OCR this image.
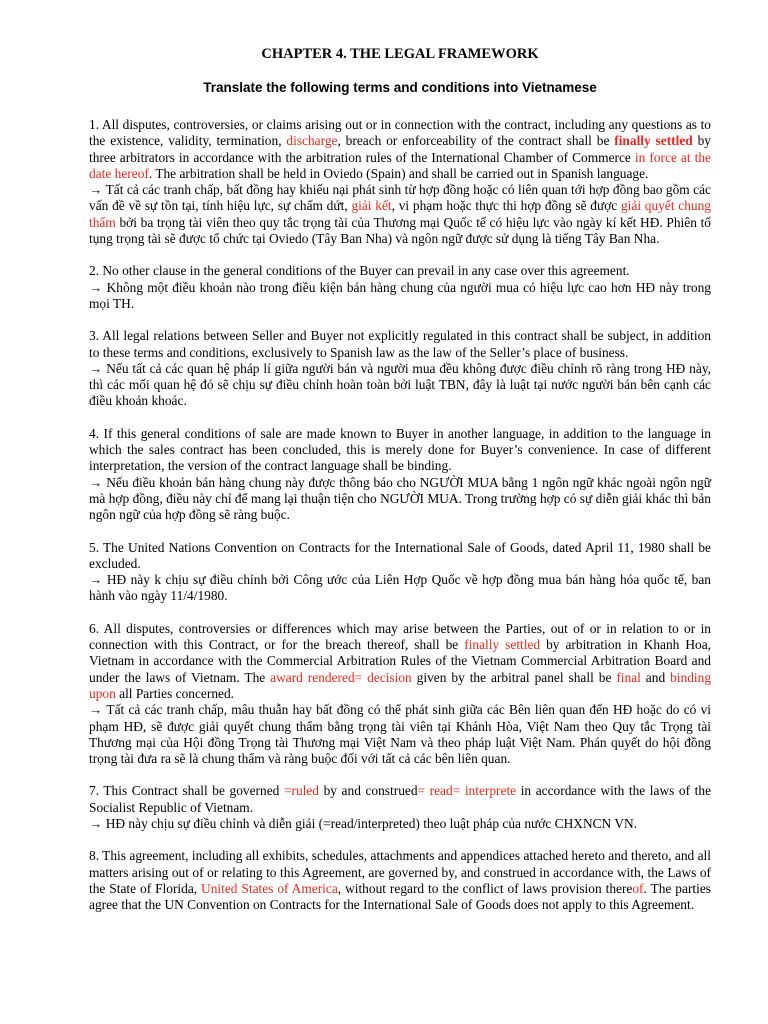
CHAPTER 4. THE LEGAL FRAMEWORK
Translate the following terms and conditions into Vietnamese

1. All disputes, controversies, or claims arising out or in connection with the contract, including any questions as to the existence, validity, termination, discharge, breach or enforceability of the contract shall be finally settled by three arbitrators in accordance with the arbitration rules of the International Chamber of Commerce in force at the date hereof. The arbitration shall be held in Oviedo (Spain) and shall be carried out in Spanish language.

→ Tất cả các tranh chấp, bất đồng hay khiếu nại phát sinh từ hợp đồng hoặc có liên quan tới hợp đồng bao gồm các vấn đề về sự tồn tại, tính hiệu lực, sự chấm dứt, giải kết, vi phạm hoặc thực thi hợp đồng sẽ được giải quyết chung thẩm bởi ba trọng tài viên theo quy tắc trọng tài của Thương mại Quốc tế có hiệu lực vào ngày kí kết HĐ. Phiên tố tụng trọng tài sẽ được tổ chức tại Oviedo (Tây Ban Nha) và ngôn ngữ được sử dụng là tiếng Tây Ban Nha.

2. No other clause in the general conditions of the Buyer can prevail in any case over this agreement.

→ Không một điều khoản nào trong điều kiện bán hàng chung của người mua có hiệu lực cao hơn HĐ này trong mọi TH.

3. All legal relations between Seller and Buyer not explicitly regulated in this contract shall be subject, in addition to these terms and conditions, exclusively to Spanish law as the law of the Seller’s place of business.

→ Nếu tất cả các quan hệ pháp lí giữa người bán và người mua đều không được điều chỉnh rõ ràng trong HĐ này, thì các mối quan hệ đó sẽ chịu sự điều chỉnh hoàn toàn bởi luật TBN, đây là luật tại nước người bán bên cạnh các điều khoản khoác.

4. If this general conditions of sale are made known to Buyer in another language, in addition to the language in which the sales contract has been concluded, this is merely done for Buyer’s convenience. In case of different interpretation, the version of the contract language shall be binding.

→ Nếu điều khoản bán hàng chung này được thông báo cho NGƯỜI MUA bằng 1 ngôn ngữ khác ngoài ngôn ngữ mà hợp đồng, điều này chỉ để mang lại thuận tiện cho NGƯỜI MUA. Trong trường hợp có sự diễn giải khác thì bản ngôn ngữ của hợp đồng sẽ ràng buộc.

5. The United Nations Convention on Contracts for the International Sale of Goods, dated April 11, 1980 shall be excluded.

→ HĐ này k chịu sự điều chỉnh bởi Công ước của Liên Hợp Quốc về hợp đồng mua bán hàng hóa quốc tế, ban hành vào ngày 11/4/1980.

6. All disputes, controversies or differences which may arise between the Parties, out of or in relation to or in connection with this Contract, or for the breach thereof, shall be finally settled by arbitration in Khanh Hoa, Vietnam in accordance with the Commercial Arbitration Rules of the Vietnam Commercial Arbitration Board and under the laws of Vietnam. The award rendered= decision given by the arbitral panel shall be final and binding upon all Parties concerned.

→ Tất cả các tranh chấp, mâu thuẫn hay bất đồng có thể phát sinh giữa các Bên liên quan đến HĐ hoặc do có vi phạm HĐ, sẽ được giải quyết chung thẩm bằng trọng tài viên tại Khánh Hòa, Việt Nam theo Quy tắc Trọng tài Thương mại của Hội đồng Trọng tài Thương mại Việt Nam và theo pháp luật Việt Nam. Phán quyết do hội đồng trọng tài đưa ra sẽ là chung thẩm và ràng buộc đối với tất cả các bên liên quan.

7. This Contract shall be governed =ruled by and construed= read= interprete in accordance with the laws of the Socialist Republic of Vietnam.

→ HĐ này chịu sự điều chỉnh và diễn giải (=read/interpreted) theo luật pháp của nước CHXNCN VN.

8. This agreement, including all exhibits, schedules, attachments and appendices attached hereto and thereto, and all matters arising out of or relating to this Agreement, are governed by, and construed in accordance with, the Laws of the State of Florida, United States of America, without regard to the conflict of laws provision thereof. The parties agree that the UN Convention on Contracts for the International Sale of Goods does not apply to this Agreement.
